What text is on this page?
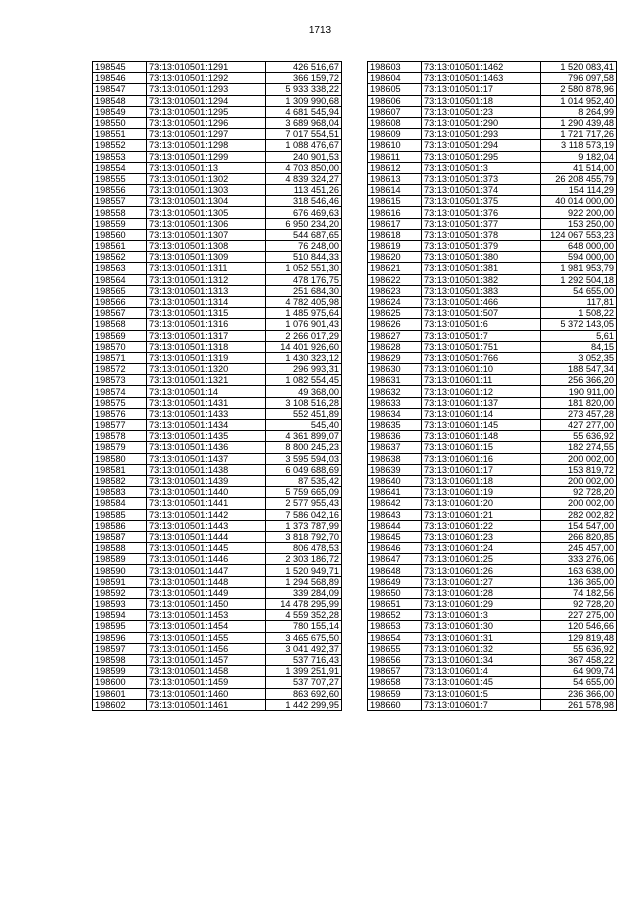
1713
198545	73:13:010501:1291	426 516,67
198546	73:13:010501:1292	366 159,72
198547	73:13:010501:1293	5 933 338,22
198548	73:13:010501:1294	1 309 990,68
198549	73:13:010501:1295	4 681 545,94
198550	73:13:010501:1296	3 689 968,04
198551	73:13:010501:1297	7 017 554,51
198552	73:13:010501:1298	1 088 476,67
198553	73:13:010501:1299	240 901,53
198554	73:13:010501:13	4 703 850,00
198555	73:13:010501:1302	4 839 324,27
198556	73:13:010501:1303	113 451,26
198557	73:13:010501:1304	318 546,46
198558	73:13:010501:1305	676 469,63
198559	73:13:010501:1306	6 950 234,20
198560	73:13:010501:1307	544 687,65
198561	73:13:010501:1308	76 248,00
198562	73:13:010501:1309	510 844,33
198563	73:13:010501:1311	1 052 551,30
198564	73:13:010501:1312	478 176,75
198565	73:13:010501:1313	251 684,30
198566	73:13:010501:1314	4 782 405,98
198567	73:13:010501:1315	1 485 975,64
198568	73:13:010501:1316	1 076 901,43
198569	73:13:010501:1317	2 266 017,29
198570	73:13:010501:1318	14 401 926,60
198571	73:13:010501:1319	1 430 323,12
198572	73:13:010501:1320	296 993,31
198573	73:13:010501:1321	1 082 554,45
198574	73:13:010501:14	49 368,00
198575	73:13:010501:1431	3 108 516,28
198576	73:13:010501:1433	552 451,89
198577	73:13:010501:1434	545,40
198578	73:13:010501:1435	4 361 899,07
198579	73:13:010501:1436	8 800 245,23
198580	73:13:010501:1437	3 595 594,03
198581	73:13:010501:1438	6 049 688,69
198582	73:13:010501:1439	87 535,42
198583	73:13:010501:1440	5 759 665,09
198584	73:13:010501:1441	2 577 955,43
198585	73:13:010501:1442	7 586 042,16
198586	73:13:010501:1443	1 373 787,99
198587	73:13:010501:1444	3 818 792,70
198588	73:13:010501:1445	806 478,53
198589	73:13:010501:1446	2 303 186,72
198590	73:13:010501:1447	1 520 949,71
198591	73:13:010501:1448	1 294 568,89
198592	73:13:010501:1449	339 284,09
198593	73:13:010501:1450	14 478 295,99
198594	73:13:010501:1453	4 559 352,28
198595	73:13:010501:1454	780 155,14
198596	73:13:010501:1455	3 465 675,50
198597	73:13:010501:1456	3 041 492,37
198598	73:13:010501:1457	537 716,43
198599	73:13:010501:1458	1 399 251,91
198600	73:13:010501:1459	537 707,27
198601	73:13:010501:1460	863 692,60
198602	73:13:010501:1461	1 442 299,95
198603	73:13:010501:1462	1 520 083,41
198604	73:13:010501:1463	796 097,58
198605	73:13:010501:17	2 580 878,96
198606	73:13:010501:18	1 014 952,40
198607	73:13:010501:23	8 264,99
198608	73:13:010501:290	1 290 439,48
198609	73:13:010501:293	1 721 717,26
198610	73:13:010501:294	3 118 573,19
198611	73:13:010501:295	9 182,04
198612	73:13:010501:3	41 514,00
198613	73:13:010501:373	26 208 455,79
198614	73:13:010501:374	154 114,29
198615	73:13:010501:375	40 014 000,00
198616	73:13:010501:376	922 200,00
198617	73:13:010501:377	153 250,00
198618	73:13:010501:378	124 067 553,23
198619	73:13:010501:379	648 000,00
198620	73:13:010501:380	594 000,00
198621	73:13:010501:381	1 981 953,79
198622	73:13:010501:382	1 292 504,18
198623	73:13:010501:383	54 655,00
198624	73:13:010501:466	117,81
198625	73:13:010501:507	1 508,22
198626	73:13:010501:6	5 372 143,05
198627	73:13:010501:7	5,61
198628	73:13:010501:751	84,15
198629	73:13:010501:766	3 052,35
198630	73:13:010601:10	188 547,34
198631	73:13:010601:11	256 366,20
198632	73:13:010601:12	190 911,00
198633	73:13:010601:137	181 820,00
198634	73:13:010601:14	273 457,28
198635	73:13:010601:145	427 277,00
198636	73:13:010601:148	55 636,92
198637	73:13:010601:15	182 274,55
198638	73:13:010601:16	200 002,00
198639	73:13:010601:17	153 819,72
198640	73:13:010601:18	200 002,00
198641	73:13:010601:19	92 728,20
198642	73:13:010601:20	200 002,00
198643	73:13:010601:21	282 002,82
198644	73:13:010601:22	154 547,00
198645	73:13:010601:23	266 820,85
198646	73:13:010601:24	245 457,00
198647	73:13:010601:25	333 276,06
198648	73:13:010601:26	163 638,00
198649	73:13:010601:27	136 365,00
198650	73:13:010601:28	74 182,56
198651	73:13:010601:29	92 728,20
198652	73:13:010601:3	227 275,00
198653	73:13:010601:30	120 546,66
198654	73:13:010601:31	129 819,48
198655	73:13:010601:32	55 636,92
198656	73:13:010601:34	367 458,22
198657	73:13:010601:4	64 909,74
198658	73:13:010601:45	54 655,00
198659	73:13:010601:5	236 366,00
198660	73:13:010601:7	261 578,98
